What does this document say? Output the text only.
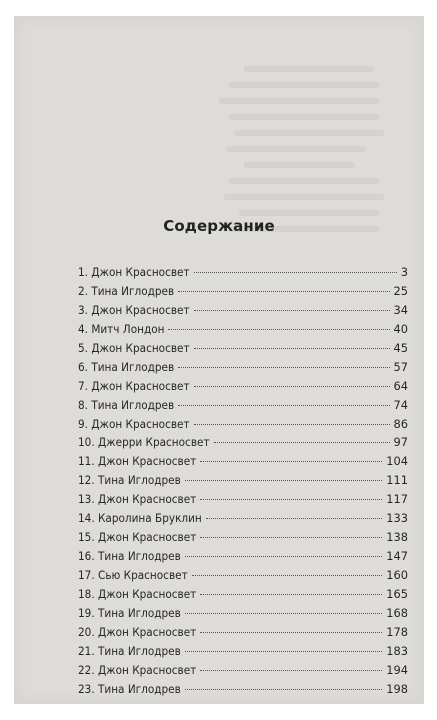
Содержание
1. Джон Красносвет	3
2. Тина Иглодрев	25
3. Джон Красносвет	34
4. Митч Лондон	40
5. Джон Красносвет	45
6. Тина Иглодрев	57
7. Джон Красносвет	64
8. Тина Иглодрев	74
9. Джон Красносвет	86
10. Джерри Красносвет	97
11. Джон Красносвет	104
12. Тина Иглодрев	111
13. Джон Красносвет	117
14. Каролина Бруклин	133
15. Джон Красносвет	138
16. Тина Иглодрев	147
17. Сью Красносвет	160
18. Джон Красносвет	165
19. Тина Иглодрев	168
20. Джон Красносвет	178
21. Тина Иглодрев	183
22. Джон Красносвет	194
23. Тина Иглодрев	198
